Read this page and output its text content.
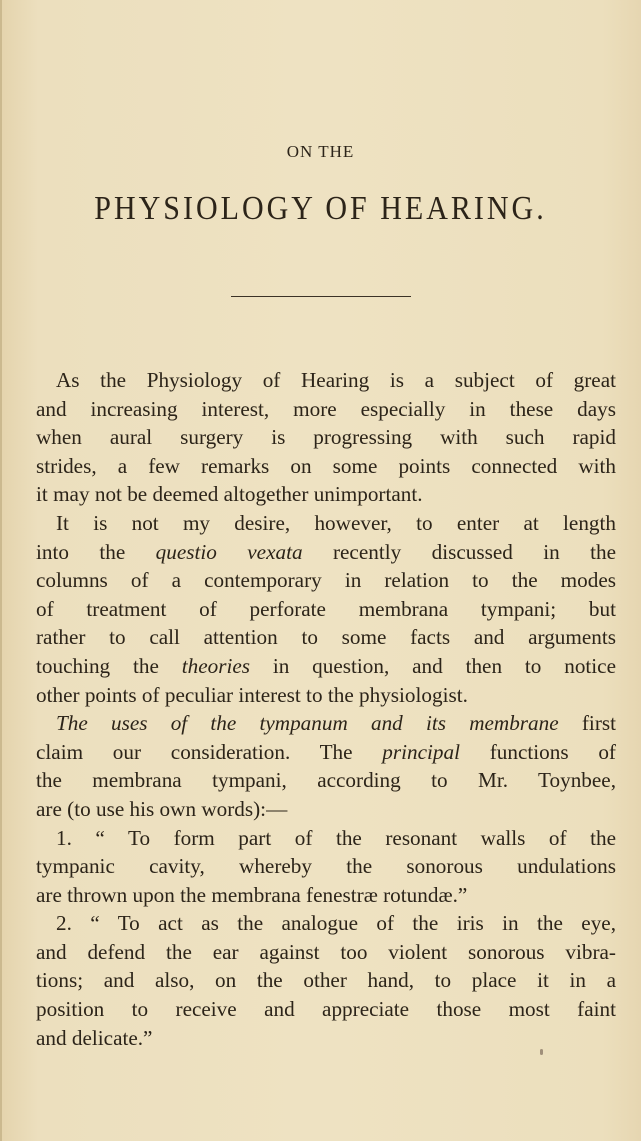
ON THE
PHYSIOLOGY OF HEARING.
As the Physiology of Hearing is a subject of great
and increasing interest, more especially in these days
when aural surgery is progressing with such rapid
strides, a few remarks on some points connected with
it may not be deemed altogether unimportant.
It is not my desire, however, to enter at length
into the questio vexata recently discussed in the
columns of a contemporary in relation to the modes
of treatment of perforate membrana tympani; but
rather to call attention to some facts and arguments
touching the theories in question, and then to notice
other points of peculiar interest to the physiologist.
The uses of the tympanum and its membrane first
claim our consideration. The principal functions of
the membrana tympani, according to Mr. Toynbee,
are (to use his own words):—
1. “ To form part of the resonant walls of the
tympanic cavity, whereby the sonorous undulations
are thrown upon the membrana fenestræ rotundæ.”
2. “ To act as the analogue of the iris in the eye,
and defend the ear against too violent sonorous vibra-
tions; and also, on the other hand, to place it in a
position to receive and appreciate those most faint
and delicate.”
